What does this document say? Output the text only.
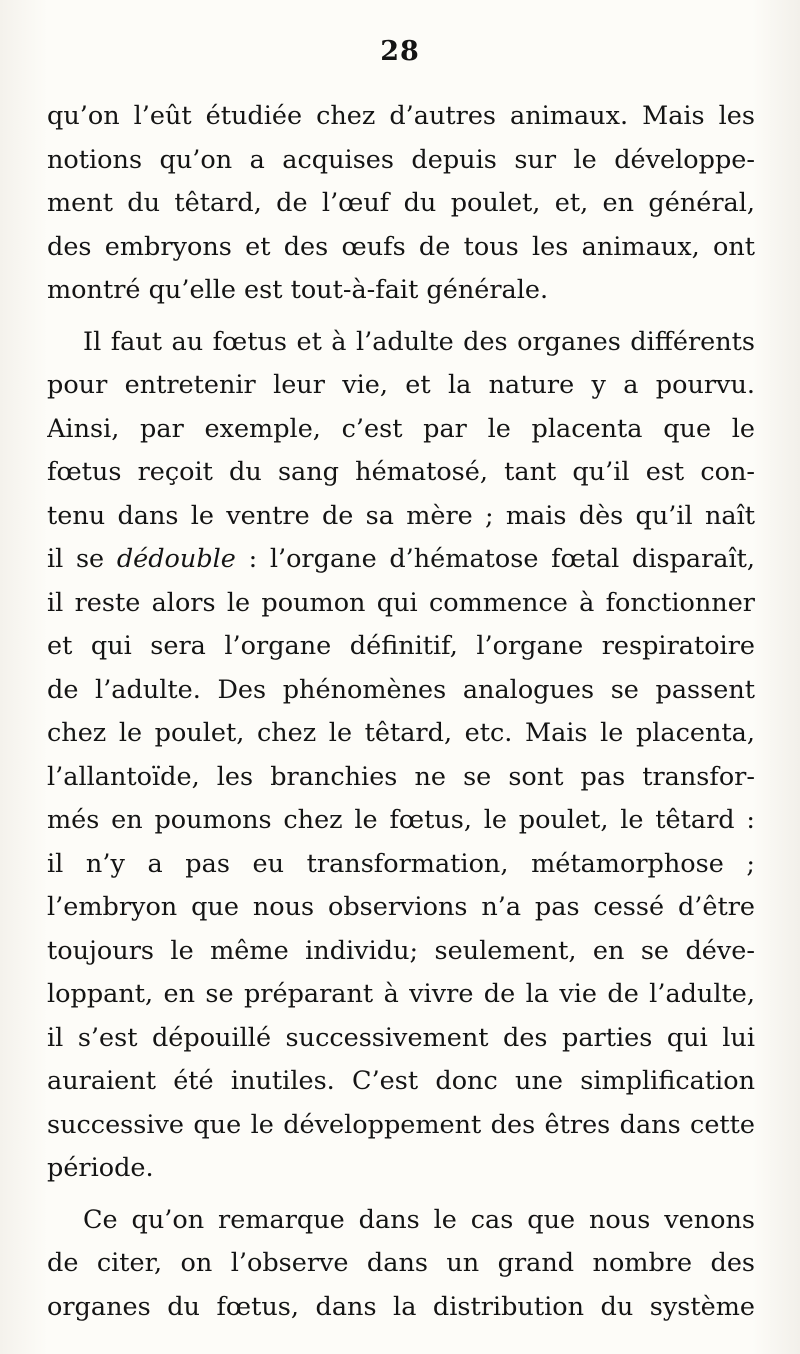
28
qu’on l’eût étudiée chez d’autres animaux. Mais les
notions qu’on a acquises depuis sur le développe-
ment du têtard, de l’œuf du poulet, et, en général,
des embryons et des œufs de tous les animaux, ont
montré qu’elle est tout-à-fait générale.
Il faut au fœtus et à l’adulte des organes différents
pour entretenir leur vie, et la nature y a pourvu.
Ainsi, par exemple, c’est par le placenta que le
fœtus reçoit du sang hématosé, tant qu’il est con-
tenu dans le ventre de sa mère ; mais dès qu’il naît
il se dédouble : l’organe d’hématose fœtal disparaît,
il reste alors le poumon qui commence à fonctionner
et qui sera l’organe définitif, l’organe respiratoire
de l’adulte. Des phénomènes analogues se passent
chez le poulet, chez le têtard, etc. Mais le placenta,
l’allantoïde, les branchies ne se sont pas transfor-
més en poumons chez le fœtus, le poulet, le têtard :
il n’y a pas eu transformation, métamorphose ;
l’embryon que nous observions n’a pas cessé d’être
toujours le même individu; seulement, en se déve-
loppant, en se préparant à vivre de la vie de l’adulte,
il s’est dépouillé successivement des parties qui lui
auraient été inutiles. C’est donc une simplification
successive que le développement des êtres dans cette
période.
Ce qu’on remarque dans le cas que nous venons
de citer, on l’observe dans un grand nombre des
organes du fœtus, dans la distribution du système
